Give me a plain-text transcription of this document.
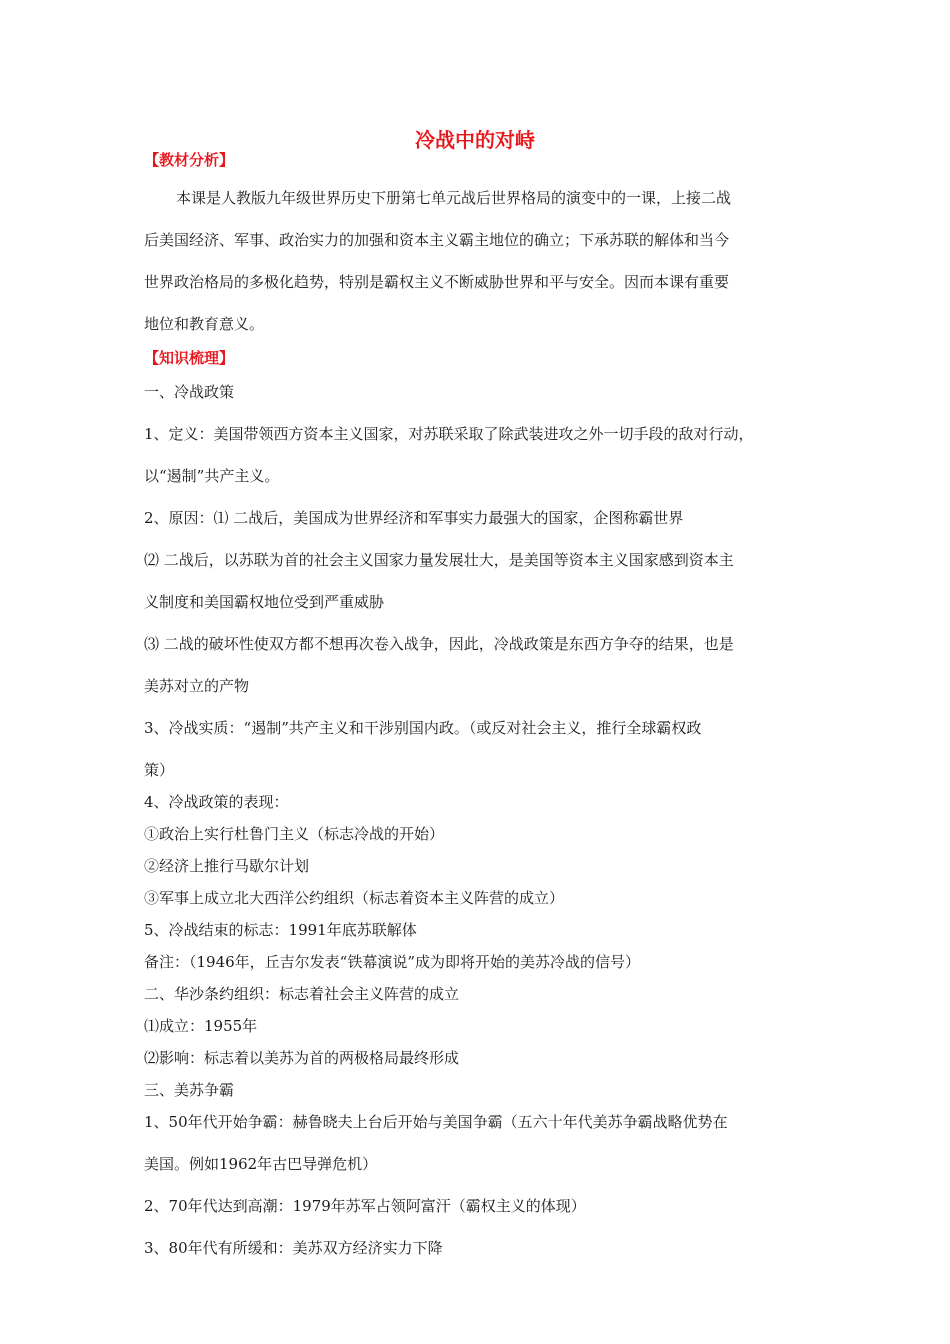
冷战中的对峙
【教材分析】
本课是人教版九年级世界历史下册第七单元战后世界格局的演变中的一课，上接二战
后美国经济、军事、政治实力的加强和资本主义霸主地位的确立；下承苏联的解体和当今
世界政治格局的多极化趋势，特别是霸权主义不断威胁世界和平与安全。因而本课有重要
地位和教育意义。
【知识梳理】
一、冷战政策
1、定义：美国带领西方资本主义国家，对苏联采取了除武装进攻之外一切手段的敌对行动，
以“遏制”共产主义。
2、原因：⑴ 二战后，美国成为世界经济和军事实力最强大的国家，企图称霸世界
⑵ 二战后，以苏联为首的社会主义国家力量发展壮大，是美国等资本主义国家感到资本主
义制度和美国霸权地位受到严重威胁
⑶ 二战的破坏性使双方都不想再次卷入战争，因此，冷战政策是东西方争夺的结果，也是
美苏对立的产物
3、冷战实质：“遏制”共产主义和干涉别国内政。（或反对社会主义，推行全球霸权政
策）
4、冷战政策的表现：
①政治上实行杜鲁门主义（标志冷战的开始）
②经济上推行马歇尔计划
③军事上成立北大西洋公约组织（标志着资本主义阵营的成立）
5、冷战结束的标志：1991年底苏联解体
备注：（1946年，丘吉尔发表“铁幕演说”成为即将开始的美苏冷战的信号）
二、华沙条约组织：标志着社会主义阵营的成立
⑴成立：1955年
⑵影响：标志着以美苏为首的两极格局最终形成
三、美苏争霸
1、50年代开始争霸：赫鲁晓夫上台后开始与美国争霸（五六十年代美苏争霸战略优势在
美国。例如1962年古巴导弹危机）
2、70年代达到高潮：1979年苏军占领阿富汗（霸权主义的体现）
3、80年代有所缓和：美苏双方经济实力下降
